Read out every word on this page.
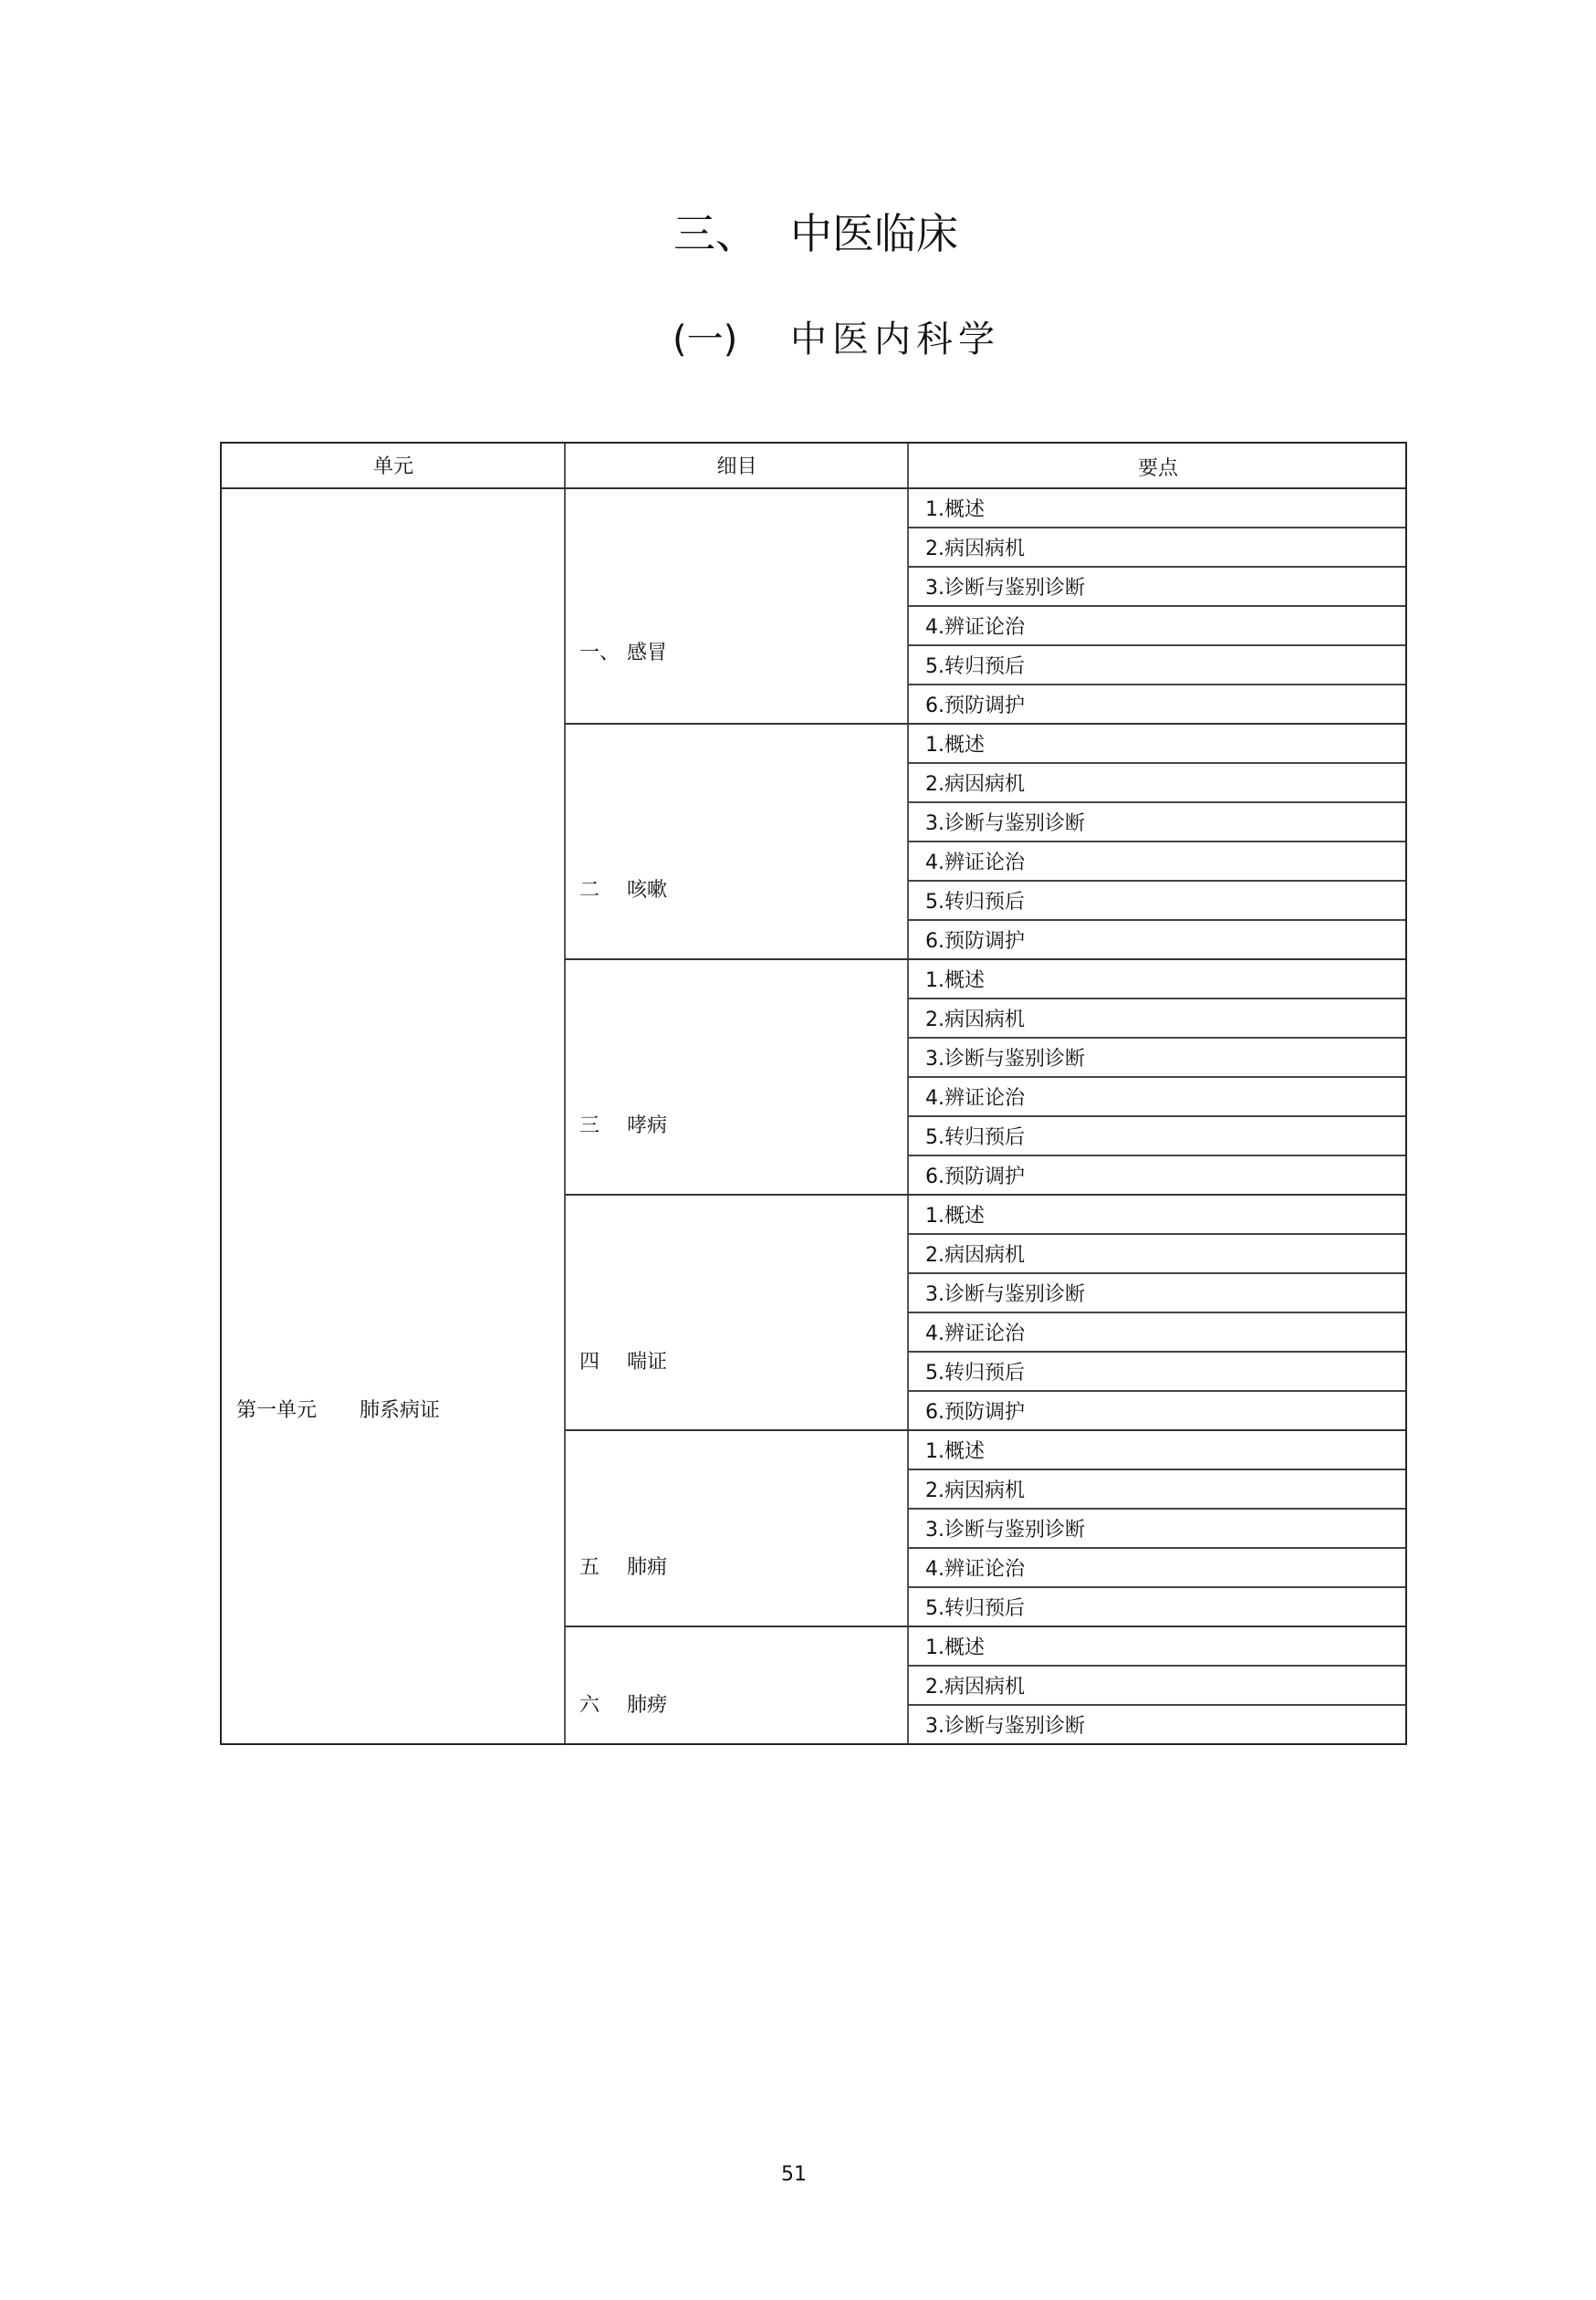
三、 中医临床
(一) 中医内科学
单元	细目	要点
第一单元 肺系病证
一、 感冒
1.概述
2.病因病机
3.诊断与鉴别诊断
4.辨证论治
5.转归预后
6.预防调护
二 咳嗽
1.概述
2.病因病机
3.诊断与鉴别诊断
4.辨证论治
5.转归预后
6.预防调护
三 哮病
1.概述
2.病因病机
3.诊断与鉴别诊断
4.辨证论治
5.转归预后
6.预防调护
四 喘证
1.概述
2.病因病机
3.诊断与鉴别诊断
4.辨证论治
5.转归预后
6.预防调护
五 肺痈
1.概述
2.病因病机
3.诊断与鉴别诊断
4.辨证论治
5.转归预后
六 肺痨
1.概述
2.病因病机
3.诊断与鉴别诊断
51
